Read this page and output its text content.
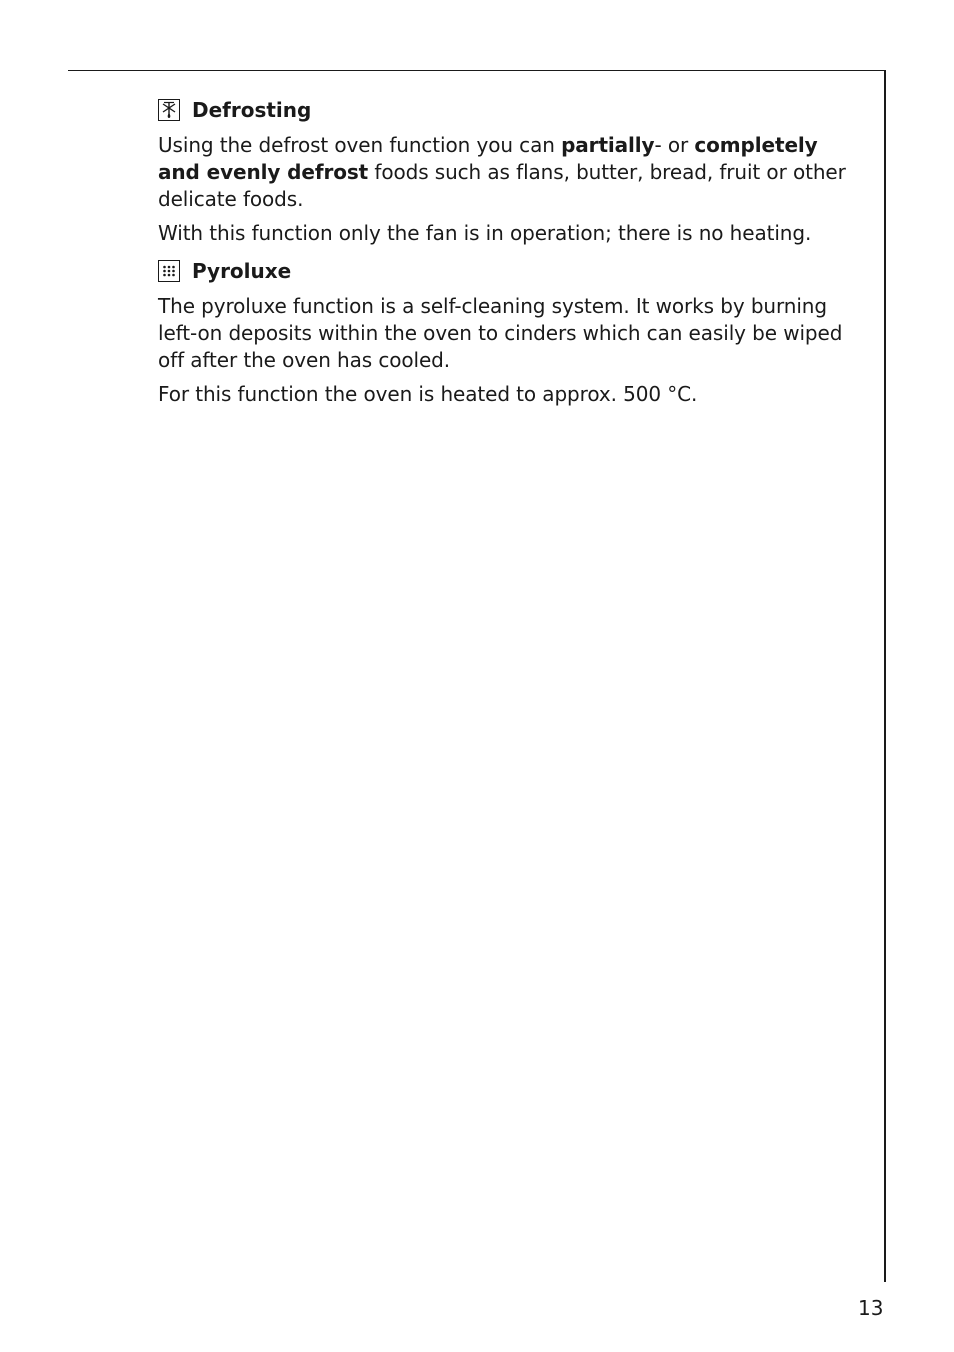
Defrosting

Using the defrost oven function you can partially- or completely and evenly defrost foods such as flans, butter, bread, fruit or other delicate foods.

With this function only the fan is in operation; there is no heating.

Pyroluxe

The pyroluxe function is a self-cleaning system. It works by burning left-on deposits within the oven to cinders which can easily be wiped off after the oven has cooled.

For this function the oven is heated to approx. 500 °C.

13
